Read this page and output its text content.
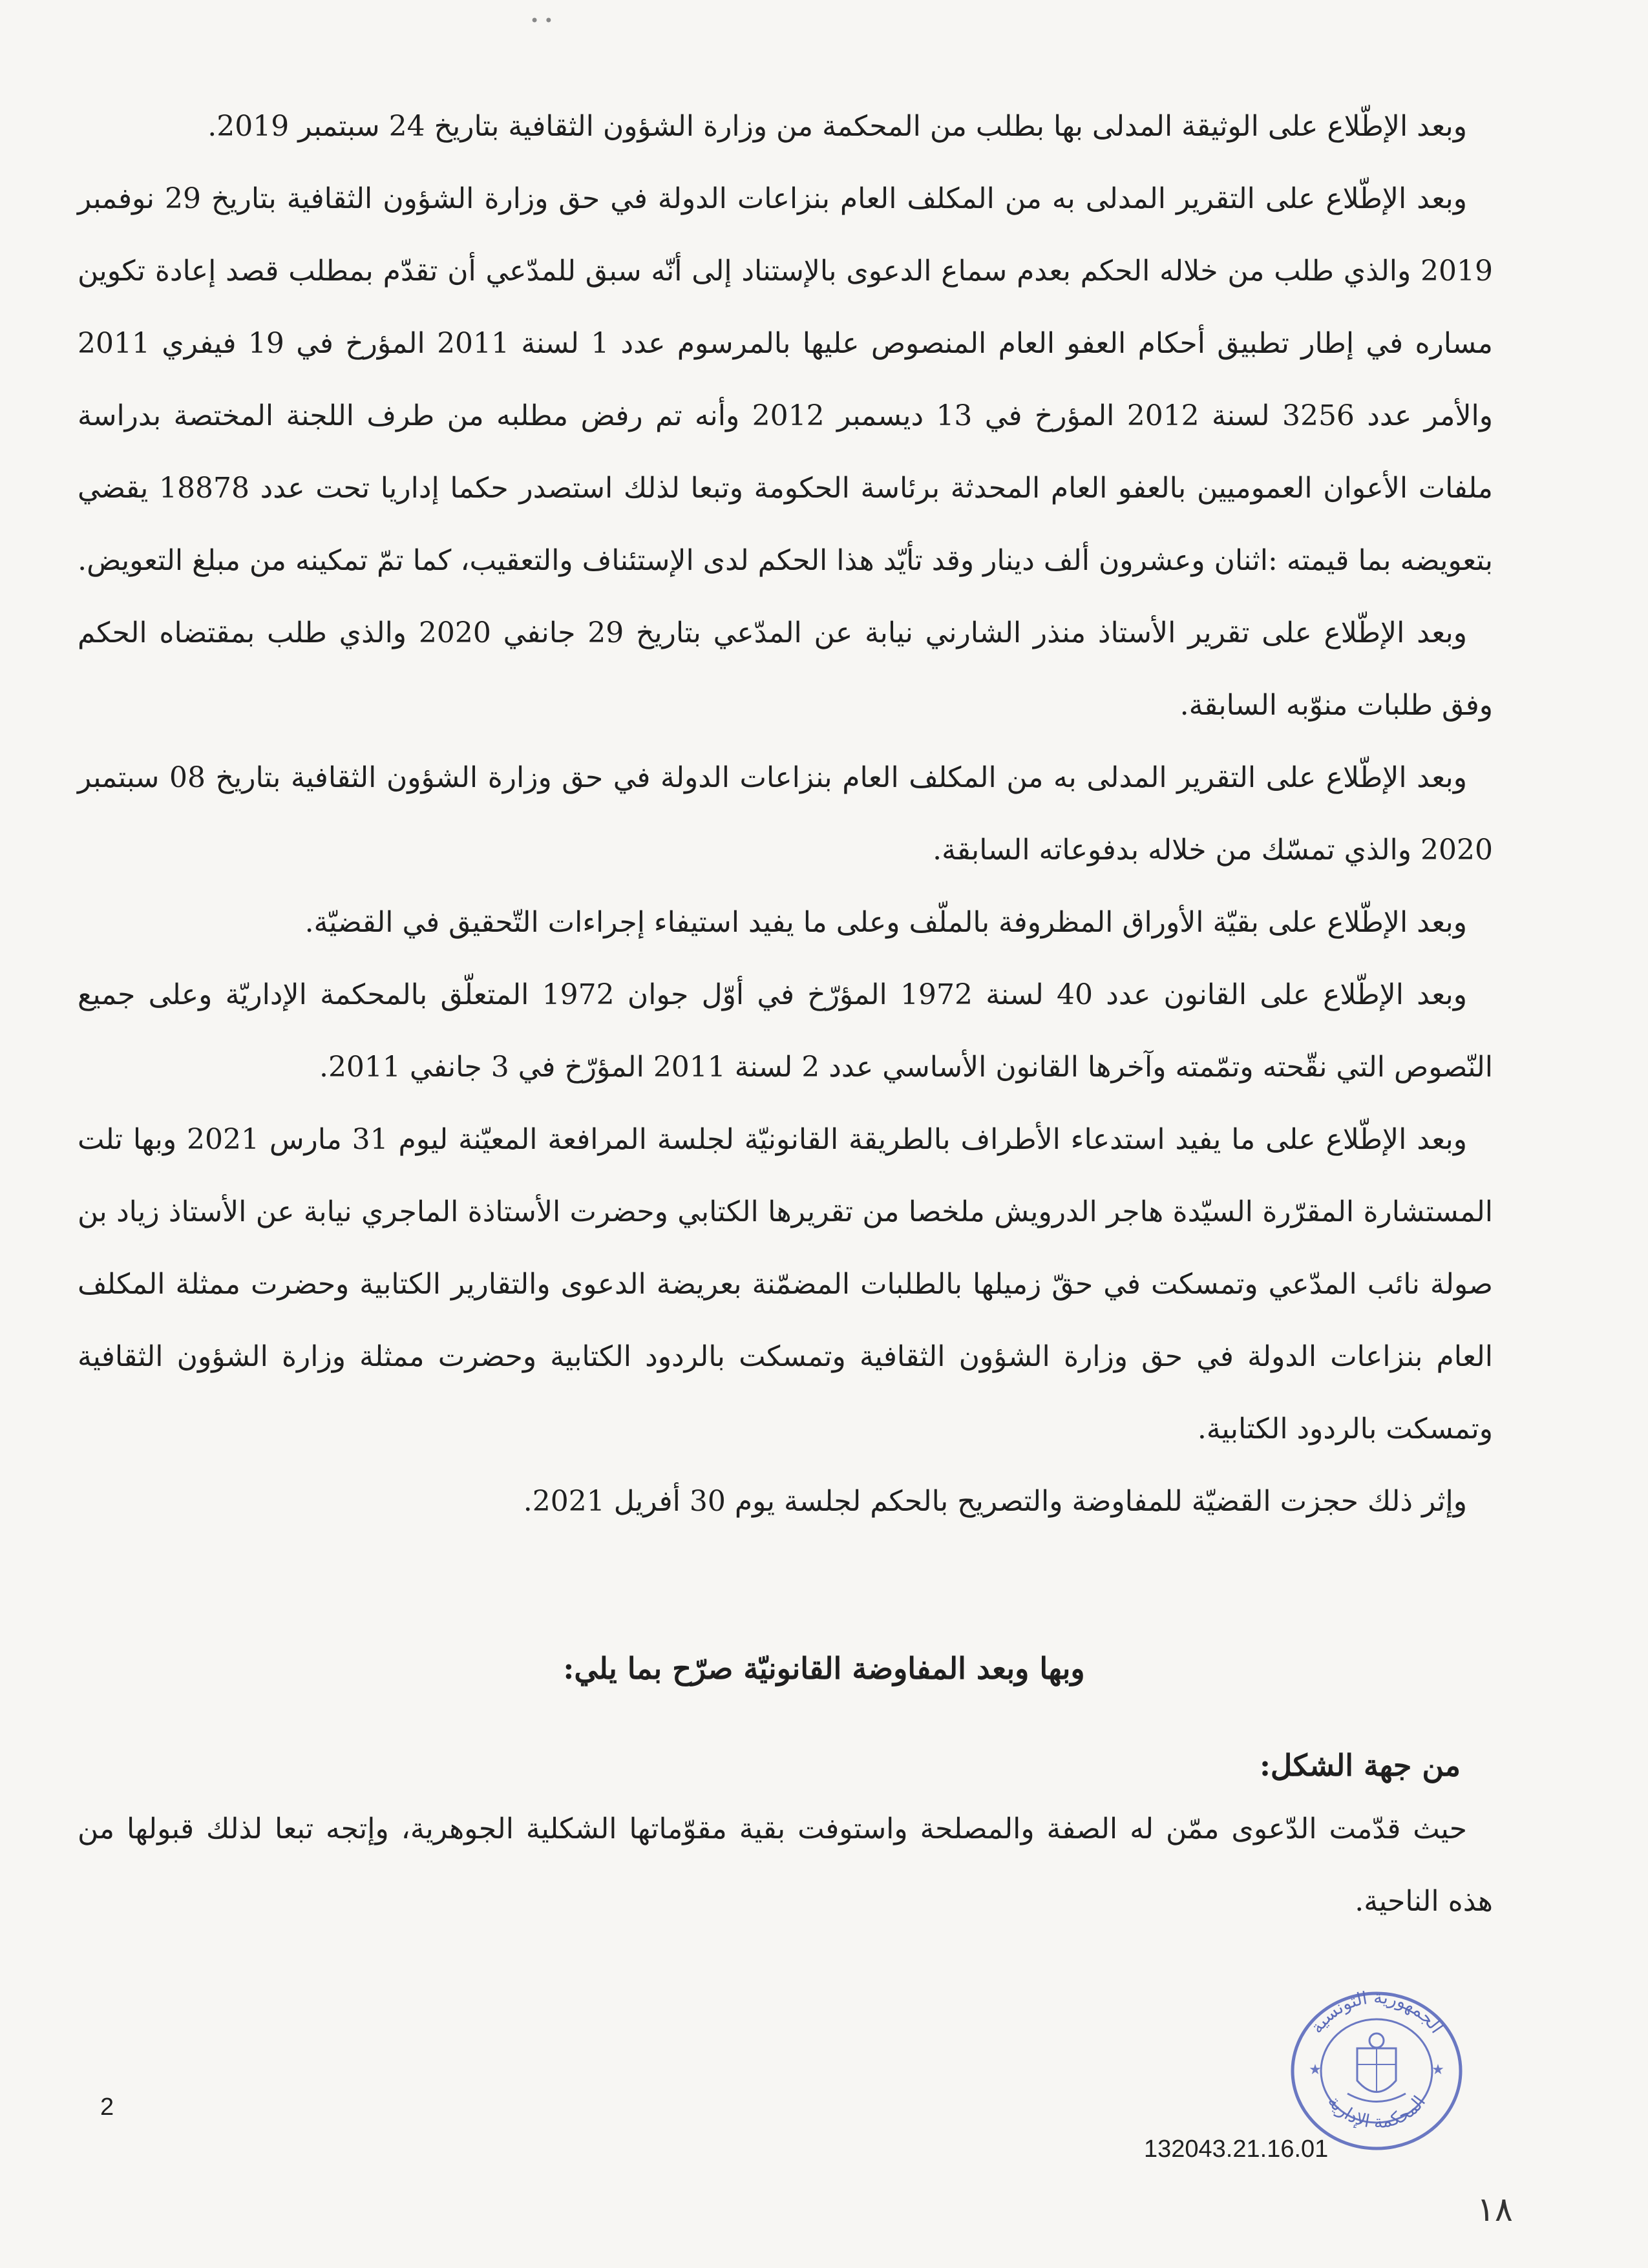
• •

وبعد الإطّلاع على الوثيقة المدلى بها بطلب من المحكمة من وزارة الشؤون الثقافية بتاريخ 24 سبتمبر 2019.

وبعد الإطّلاع على التقرير المدلى به من المكلف العام بنزاعات الدولة في حق وزارة الشؤون الثقافية بتاريخ 29 نوفمبر 2019 والذي طلب من خلاله الحكم بعدم سماع الدعوى بالإستناد إلى أنّه سبق للمدّعي أن تقدّم بمطلب قصد إعادة تكوين مساره في إطار تطبيق أحكام العفو العام المنصوص عليها بالمرسوم عدد 1 لسنة 2011 المؤرخ في 19 فيفري 2011 والأمر عدد 3256 لسنة 2012 المؤرخ في 13 ديسمبر 2012 وأنه تم رفض مطلبه من طرف اللجنة المختصة بدراسة ملفات الأعوان العموميين بالعفو العام المحدثة برئاسة الحكومة وتبعا لذلك استصدر حكما إداريا تحت عدد 18878 يقضي بتعويضه بما قيمته :اثنان وعشرون ألف دينار وقد تأيّد هذا الحكم لدى الإستئناف والتعقيب، كما تمّ تمكينه من مبلغ التعويض.

وبعد الإطّلاع على تقرير الأستاذ منذر الشارني نيابة عن المدّعي بتاريخ 29 جانفي 2020 والذي طلب بمقتضاه الحكم وفق طلبات منوّبه السابقة.

وبعد الإطّلاع على التقرير المدلى به من المكلف العام بنزاعات الدولة في حق وزارة الشؤون الثقافية بتاريخ 08 سبتمبر 2020 والذي تمسّك من خلاله بدفوعاته السابقة.

وبعد الإطّلاع على بقيّة الأوراق المظروفة بالملّف وعلى ما يفيد استيفاء إجراءات التّحقيق في القضيّة.

وبعد الإطّلاع على القانون عدد 40 لسنة 1972 المؤرّخ في أوّل جوان 1972 المتعلّق بالمحكمة الإداريّة وعلى جميع النّصوص التي نقّحته وتمّمته وآخرها القانون الأساسي عدد 2 لسنة 2011 المؤرّخ في 3 جانفي 2011.

وبعد الإطّلاع على ما يفيد استدعاء الأطراف بالطريقة القانونيّة لجلسة المرافعة المعيّنة ليوم 31 مارس 2021 وبها تلت المستشارة المقرّرة السيّدة هاجر الدرويش ملخصا من تقريرها الكتابي وحضرت الأستاذة الماجري نيابة عن الأستاذ زياد بن صولة نائب المدّعي وتمسكت في حقّ زميلها بالطلبات المضمّنة بعريضة الدعوى والتقارير الكتابية وحضرت ممثلة المكلف العام بنزاعات الدولة في حق وزارة الشؤون الثقافية وتمسكت بالردود الكتابية وحضرت ممثلة وزارة الشؤون الثقافية وتمسكت بالردود الكتابية.

وإثر ذلك حجزت القضيّة للمفاوضة والتصريح بالحكم لجلسة يوم 30 أفريل 2021.

وبها وبعد المفاوضة القانونيّة صرّح بما يلي:
من جهة الشكل:

حيث قدّمت الدّعوى ممّن له الصفة والمصلحة واستوفت بقية مقوّماتها الشكلية الجوهرية، وإتجه تبعا لذلك قبولها من هذه الناحية.

الجمهورية التونسية
المحكمة الإدارية
★	★
2
132043.21.16.01
١٨
